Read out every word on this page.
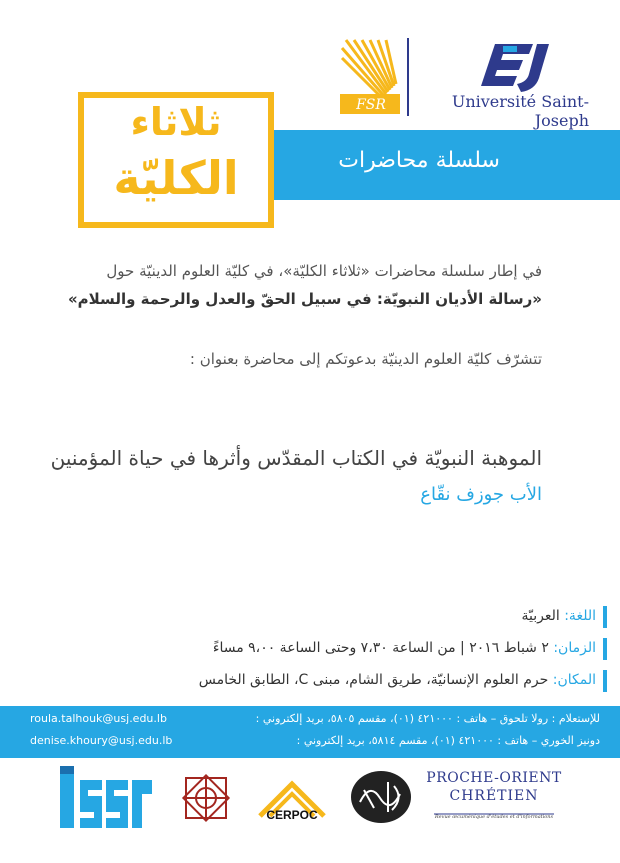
FSR	Université Saint-Joseph
سلسلة محاضرات
ثلاثاء
الكليّة
في إطار سلسلة محاضرات «ثلاثاء الكليّة»، في كليّة العلوم الدينيّة حول
«رسالة الأديان النبويّة: في سبيل الحقّ والعدل والرحمة والسلام»
تتشرّف كليّة العلوم الدينيّة بدعوتكم إلى محاضرة بعنوان :
الموهبة النبويّة في الكتاب المقدّس وأثرها في حياة المؤمنين
الأب جوزف نقّاع
اللغة: العربيّة
الزمان: ٢ شباط ٢٠١٦ | من الساعة ٧،٣٠ وحتى الساعة ٩،٠٠ مساءً
المكان: حرم العلوم الإنسانيّة، طريق الشام، مبنى C، الطابق الخامس
roula.talhouk@usj.edu.lb	للإستعلام : رولا تلحوق – هاتف : ٤٢١٠٠٠ (٠١)، مقسم ٥٨٠٥، بريد إلكتروني :
denise.khoury@usj.edu.lb	دونيز الخوري – هاتف : ٤٢١٠٠٠ (٠١)، مقسم ٥٨١٤، بريد إلكتروني :
CERPOC
PROCHE-ORIENT
CHRÉTIEN
Revue œcuménique d'études et d'informations
